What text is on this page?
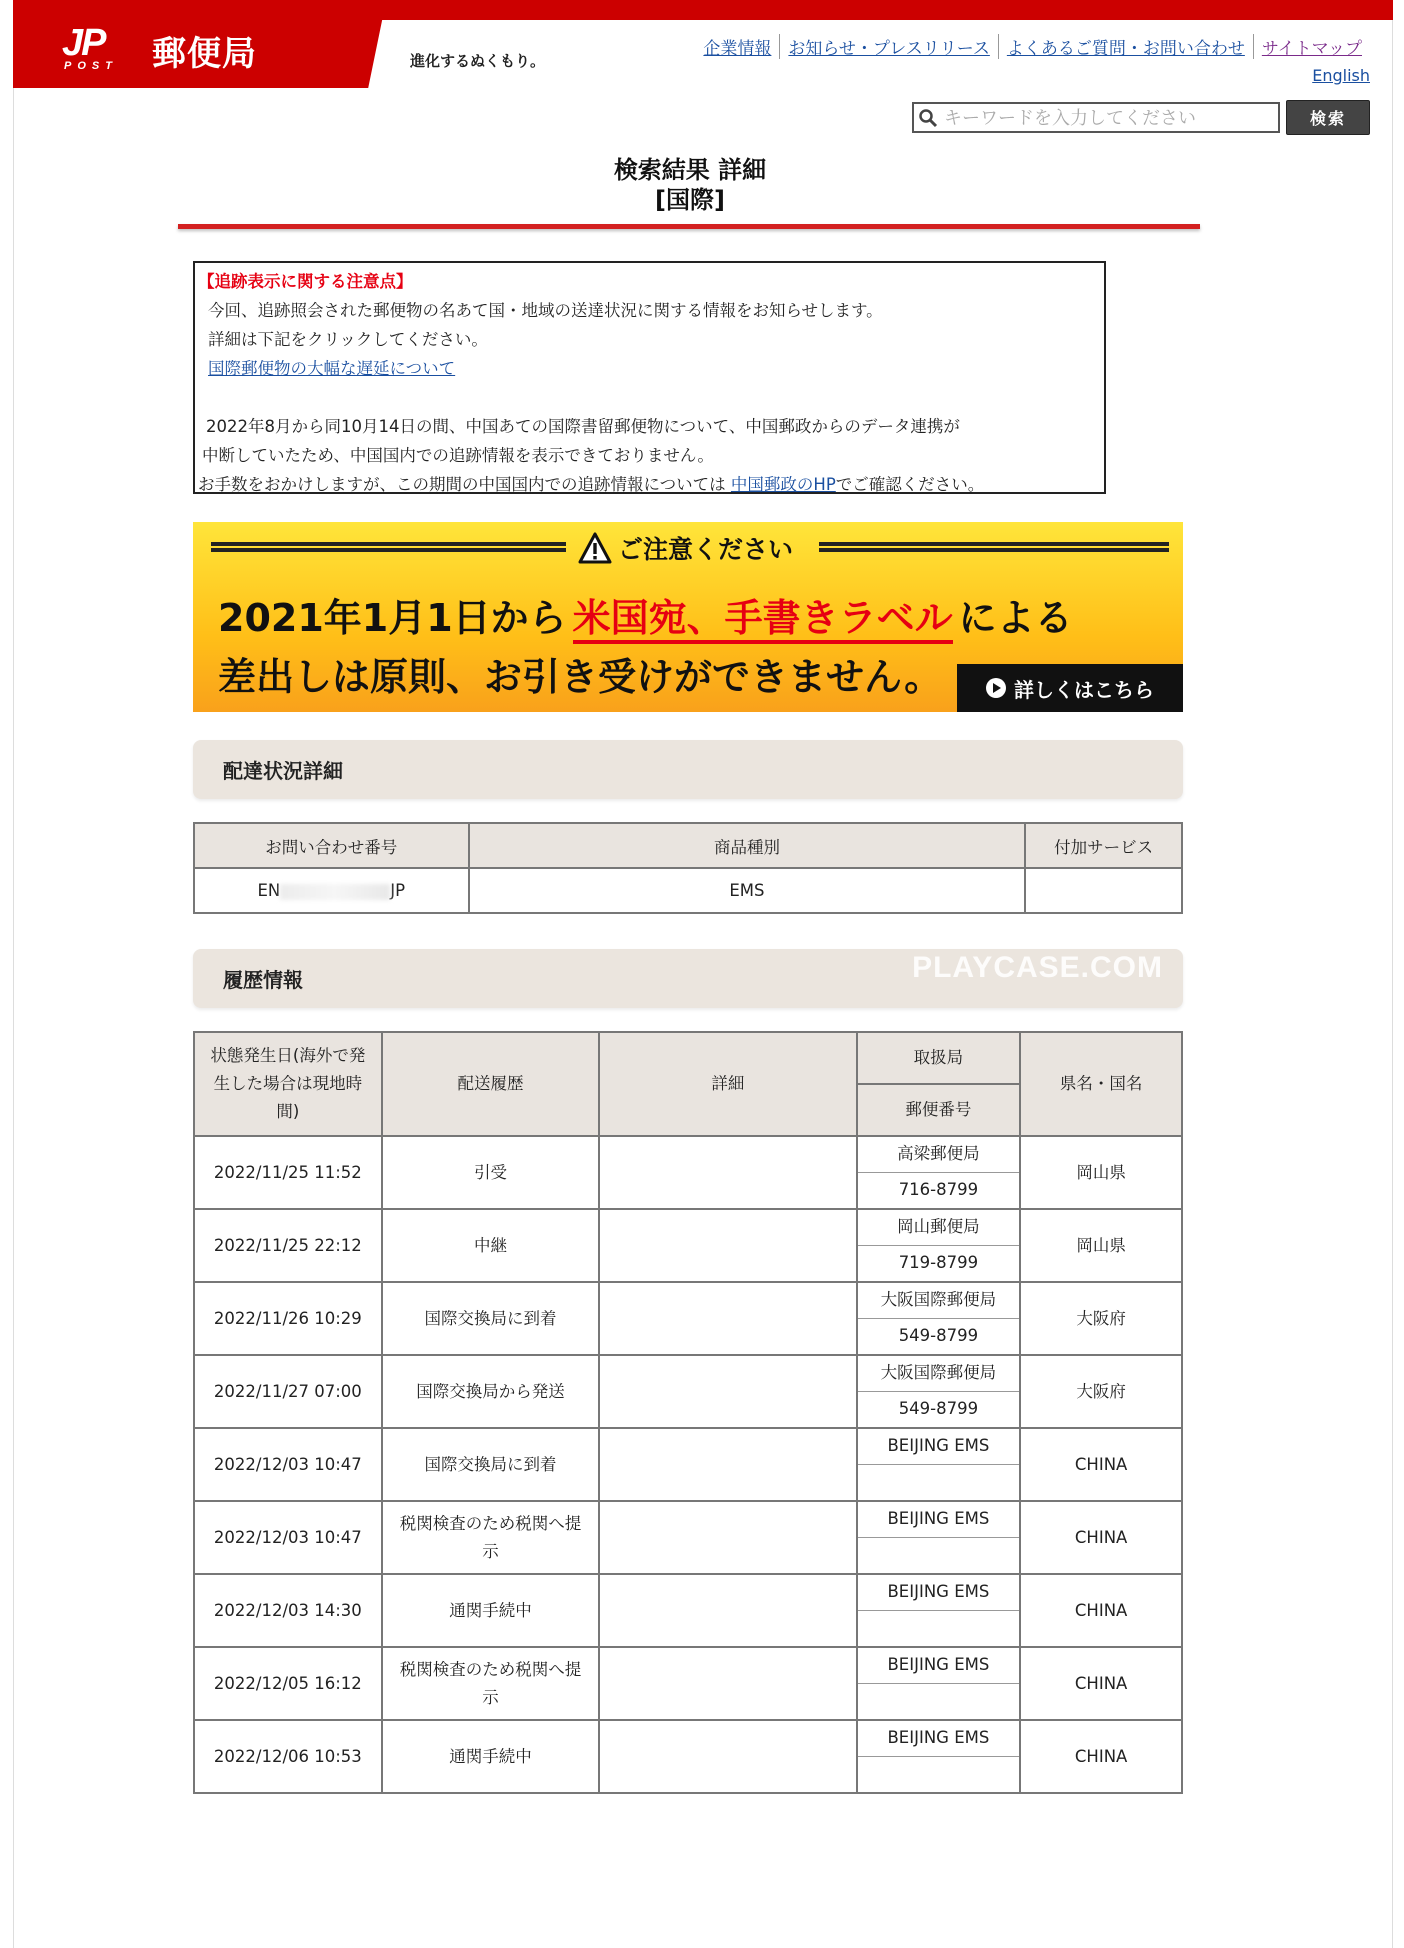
JP
POST 郵便局	進化するぬくもり。
企業情報	お知らせ・プレスリリース	よくあるご質問・お問い合わせ	サイトマップ
English
キーワードを入力してください
検索
検索結果 詳細
[国際]
【追跡表示に関する注意点】
今回、追跡照会された郵便物の名あて国・地域の送達状況に関する情報をお知らせします。
詳細は下記をクリックしてください。
国際郵便物の大幅な遅延について
2022年8月から同10月14日の間、中国あての国際書留郵便物について、中国郵政からのデータ連携が
中断していたため、中国国内での追跡情報を表示できておりません。
お手数をおかけしますが、この期間の中国国内での追跡情報については 中国郵政のHPでご確認ください。
ご注意ください
2021年1月1日から 米国宛、手書きラベル による
差出しは原則、お引き受けができません。	詳しくはこちら
配達状況詳細
お問い合わせ番号	商品種別	付加サービス
EN JP	EMS	
履歴情報	PLAYCASE.COM
状態発生日(海外で発生した場合は現地時間)	配送履歴	詳細	取扱局	県名・国名
			郵便番号	
2022/11/25 11:52	引受		高梁郵便局	岡山県
			716-8799	
2022/11/25 22:12	中継		岡山郵便局	岡山県
			719-8799	
2022/11/26 10:29	国際交換局に到着		大阪国際郵便局	大阪府
			549-8799	
2022/11/27 07:00	国際交換局から発送		大阪国際郵便局	大阪府
			549-8799	
2022/12/03 10:47	国際交換局に到着		BEIJING EMS	CHINA

2022/12/03 10:47	税関検査のため税関へ提示		BEIJING EMS	CHINA

2022/12/03 14:30	通関手続中		BEIJING EMS	CHINA

2022/12/05 16:12	税関検査のため税関へ提示		BEIJING EMS	CHINA

2022/12/06 10:53	通関手続中		BEIJING EMS	CHINA
